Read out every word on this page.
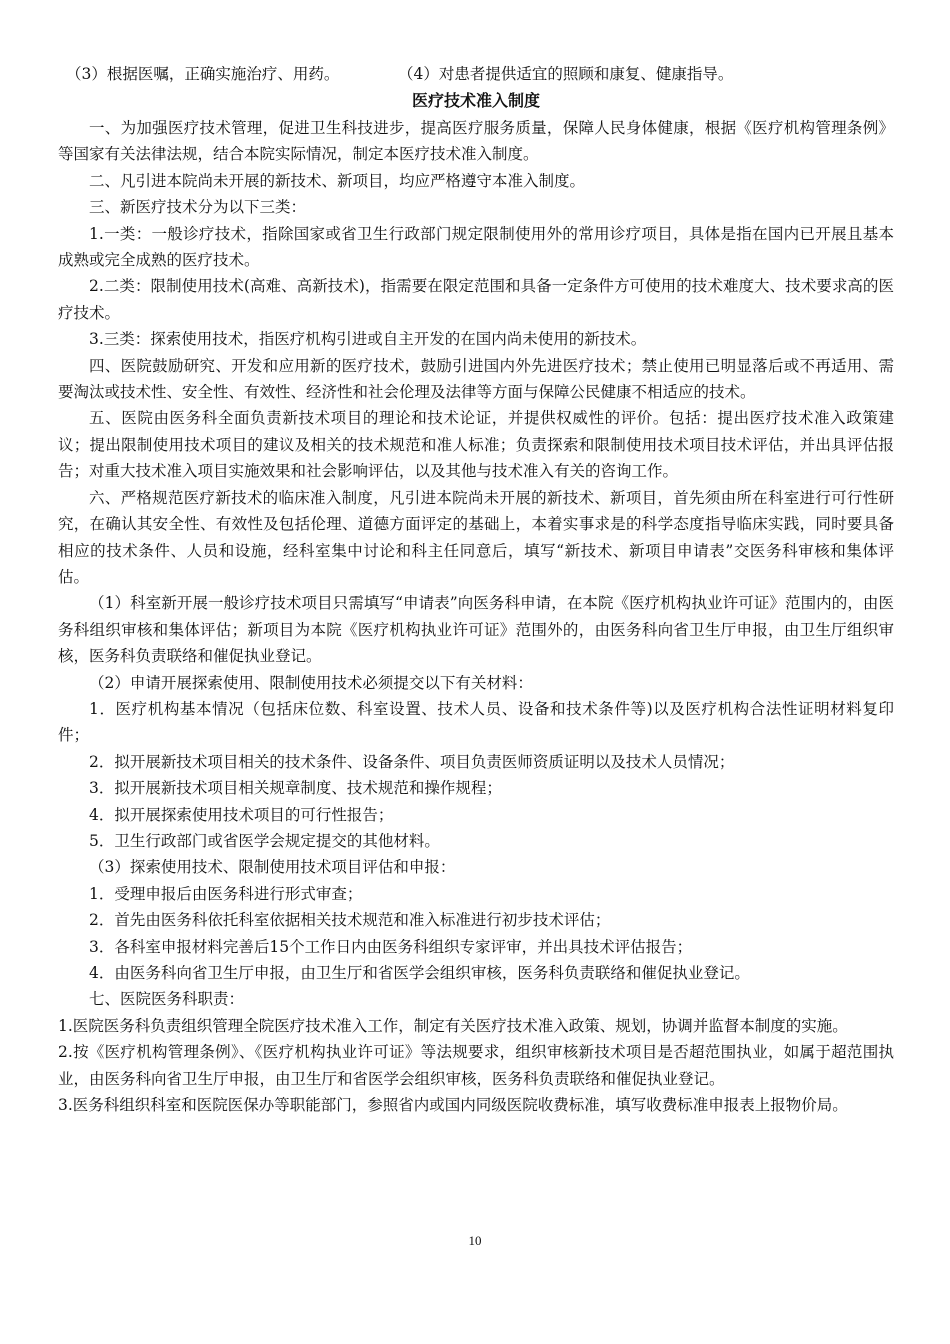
（3）根据医嘱，正确实施治疗、用药。	（4）对患者提供适宜的照顾和康复、健康指导。
医疗技术准入制度

一、为加强医疗技术管理，促进卫生科技进步，提高医疗服务质量，保障人民身体健康，根据《医疗机构管理条例》等国家有关法律法规，结合本院实际情况，制定本医疗技术准入制度。

二、凡引进本院尚未开展的新技术、新项目，均应严格遵守本准入制度。

三、新医疗技术分为以下三类：

1.一类：一般诊疗技术，指除国家或省卫生行政部门规定限制使用外的常用诊疗项目，具体是指在国内已开展且基本成熟或完全成熟的医疗技术。

2.二类：限制使用技术(高难、高新技术)，指需要在限定范围和具备一定条件方可使用的技术难度大、技术要求高的医疗技术。

3.三类：探索使用技术，指医疗机构引进或自主开发的在国内尚未使用的新技术。

四、医院鼓励研究、开发和应用新的医疗技术，鼓励引进国内外先进医疗技术；禁止使用已明显落后或不再适用、需要淘汰或技术性、安全性、有效性、经济性和社会伦理及法律等方面与保障公民健康不相适应的技术。

五、医院由医务科全面负责新技术项目的理论和技术论证，并提供权威性的评价。包括：提出医疗技术准入政策建议；提出限制使用技术项目的建议及相关的技术规范和准人标准；负责探索和限制使用技术项目技术评估，并出具评估报告；对重大技术准入项目实施效果和社会影响评估，以及其他与技术准入有关的咨询工作。

六、严格规范医疗新技术的临床准入制度，凡引进本院尚未开展的新技术、新项目，首先须由所在科室进行可行性研究，在确认其安全性、有效性及包括伦理、道德方面评定的基础上，本着实事求是的科学态度指导临床实践，同时要具备相应的技术条件、人员和设施，经科室集中讨论和科主任同意后，填写“新技术、新项目申请表”交医务科审核和集体评估。

（1）科室新开展一般诊疗技术项目只需填写“申请表”向医务科申请，在本院《医疗机构执业许可证》范围内的，由医务科组织审核和集体评估；新项目为本院《医疗机构执业许可证》范围外的，由医务科向省卫生厅申报，由卫生厅组织审核，医务科负责联络和催促执业登记。

（2）申请开展探索使用、限制使用技术必须提交以下有关材料：

1．医疗机构基本情况（包括床位数、科室设置、技术人员、设备和技术条件等)以及医疗机构合法性证明材料复印件；

2．拟开展新技术项目相关的技术条件、设备条件、项目负责医师资质证明以及技术人员情况；

3．拟开展新技术项目相关规章制度、技术规范和操作规程；

4．拟开展探索使用技术项目的可行性报告；

5．卫生行政部门或省医学会规定提交的其他材料。

（3）探索使用技术、限制使用技术项目评估和申报：

1．受理申报后由医务科进行形式审查；

2．首先由医务科依托科室依据相关技术规范和准入标准进行初步技术评估；

3．各科室申报材料完善后15个工作日内由医务科组织专家评审，并出具技术评估报告；

4．由医务科向省卫生厅申报，由卫生厅和省医学会组织审核，医务科负责联络和催促执业登记。

七、医院医务科职责：

1.医院医务科负责组织管理全院医疗技术准入工作，制定有关医疗技术准入政策、规划，协调并监督本制度的实施。

2.按《医疗机构管理条例》、《医疗机构执业许可证》等法规要求，组织审核新技术项目是否超范围执业，如属于超范围执业，由医务科向省卫生厅申报，由卫生厅和省医学会组织审核，医务科负责联络和催促执业登记。

3.医务科组织科室和医院医保办等职能部门，参照省内或国内同级医院收费标准，填写收费标准申报表上报物价局。

10
